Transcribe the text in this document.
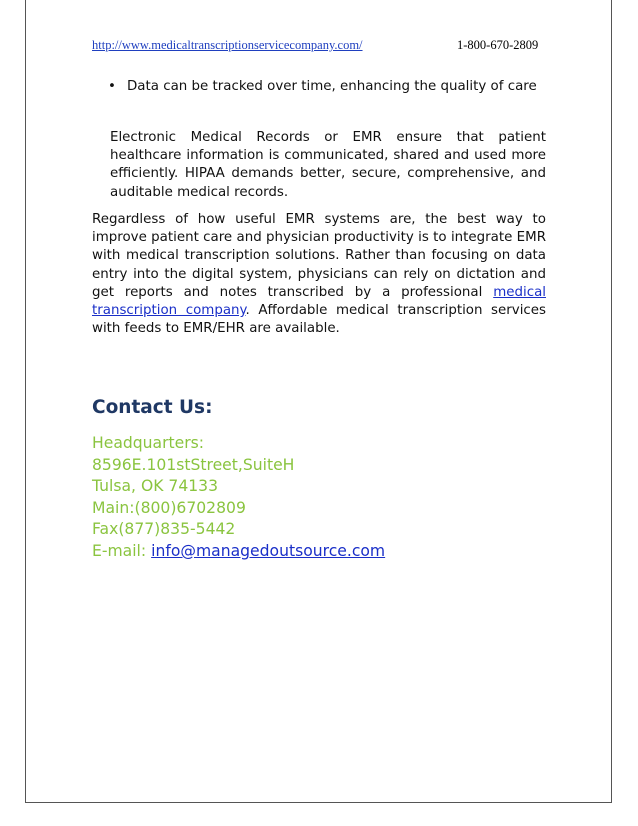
http://www.medicaltranscriptionservicecompany.com/	1-800-670-2809
• Data can be tracked over time, enhancing the quality of care
Electronic Medical Records or EMR ensure that patient healthcare information is communicated, shared and used more efficiently. HIPAA demands better, secure, comprehensive, and auditable medical records.
Regardless of how useful EMR systems are, the best way to improve patient care and physician productivity is to integrate EMR with medical transcription solutions. Rather than focusing on data entry into the digital system, physicians can rely on dictation and get reports and notes transcribed by a professional medical transcription company. Affordable medical transcription services with feeds to EMR/EHR are available.
Contact Us:
Headquarters:
8596E.101stStreet,SuiteH
Tulsa, OK 74133
Main:(800)6702809
Fax(877)835-5442
E-mail: info@managedoutsource.com
